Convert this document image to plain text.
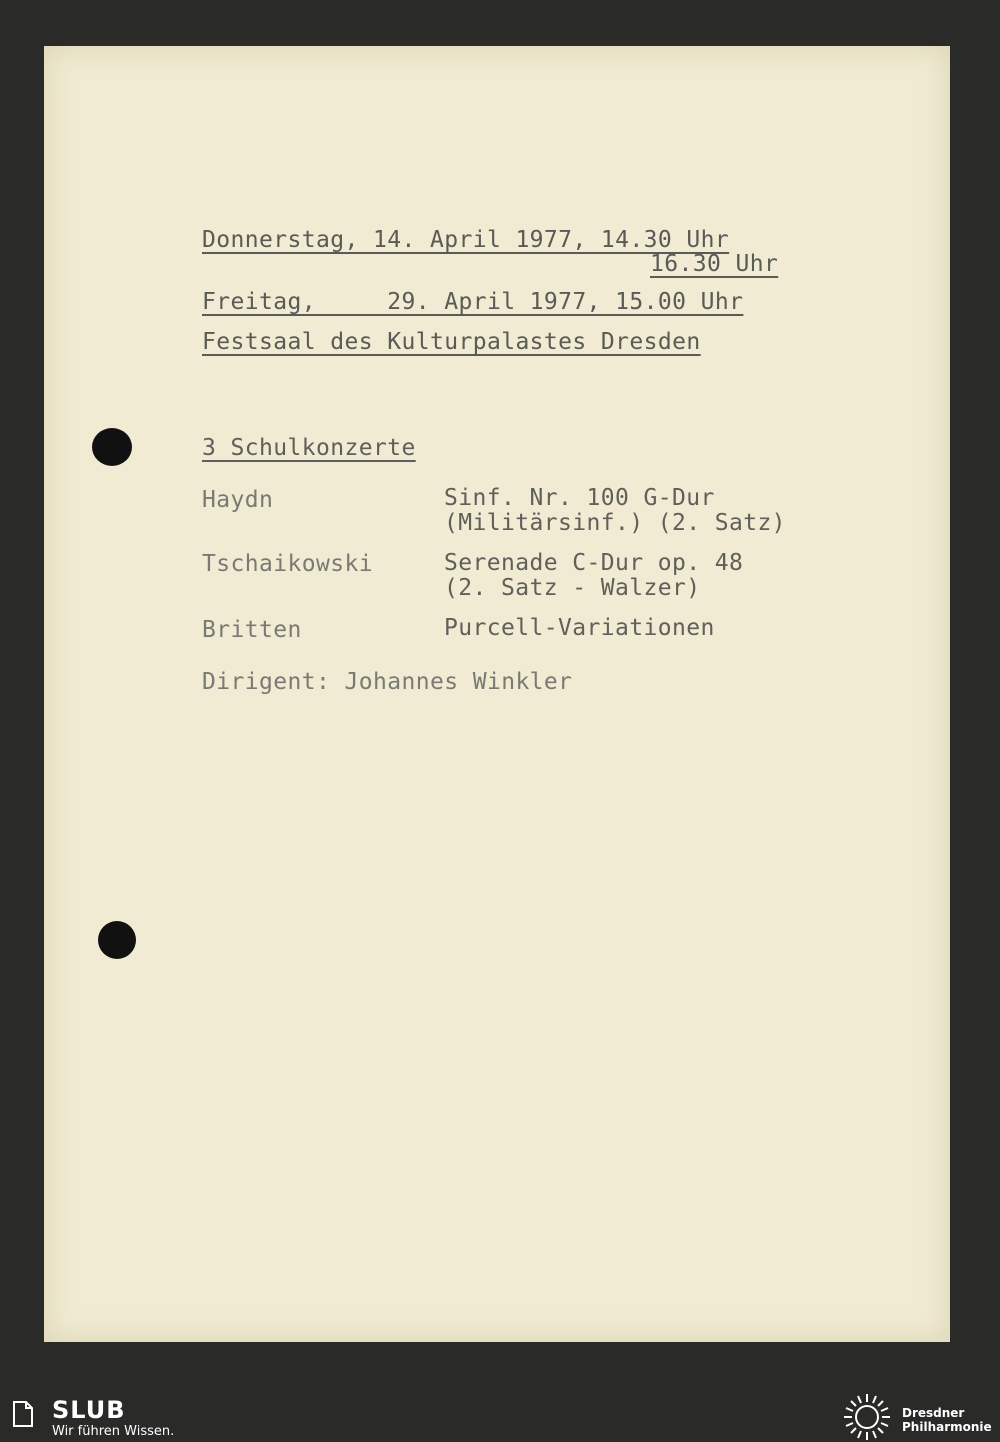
Donnerstag, 14. April 1977, 14.30 Uhr
16.30 Uhr
Freitag,     29. April 1977, 15.00 Uhr
Festsaal des Kulturpalastes Dresden
3 Schulkonzerte
Haydn	Sinf. Nr. 100 G-Dur
(Militärsinf.) (2. Satz)
Tschaikowski	Serenade C-Dur op. 48
(2. Satz - Walzer)
Britten	Purcell-Variationen
Dirigent: Johannes Winkler
SLUB
Wir führen Wissen.
Dresdner
Philharmonie
